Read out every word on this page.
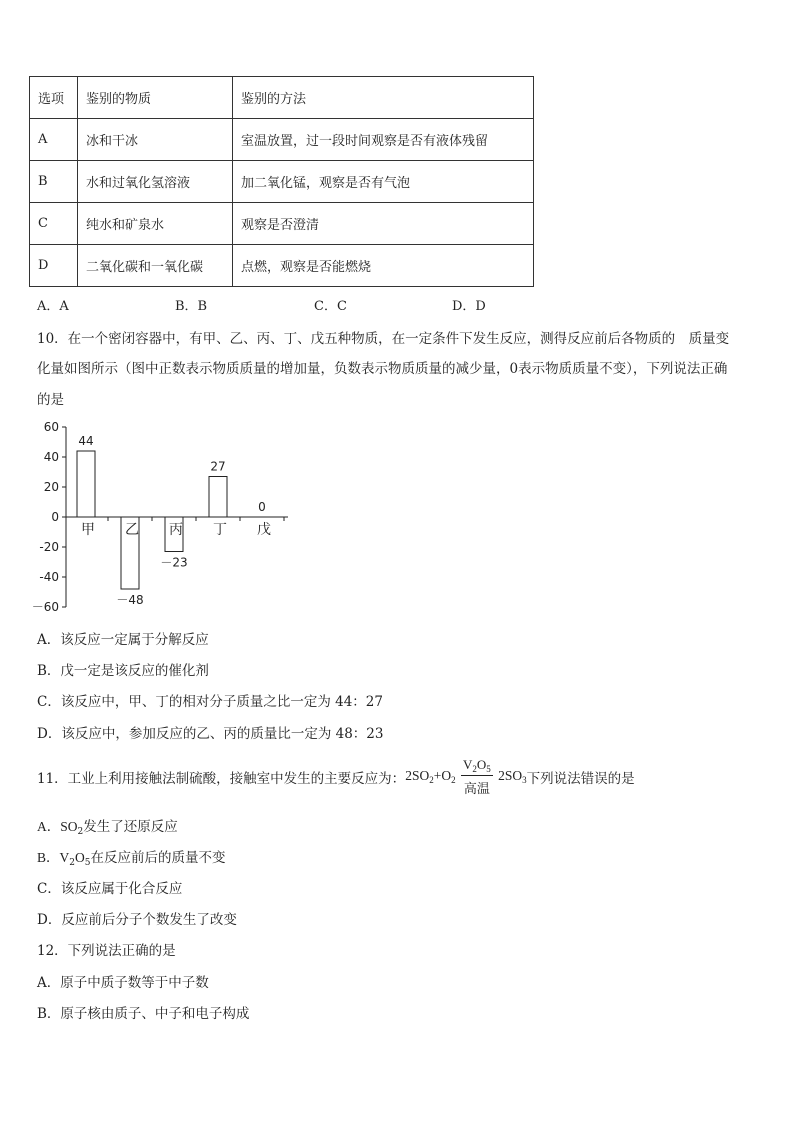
选项	鉴别的物质	鉴别的方法
A	冰和干冰	室温放置，过一段时间观察是否有液体残留
B	水和过氧化氢溶液	加二氧化锰，观察是否有气泡
C	纯水和矿泉水	观察是否澄清
D	二氧化碳和一氧化碳	点燃，观察是否能燃烧
A．A	B．B	C．C	D．D
10．在一个密闭容器中，有甲、乙、丙、丁、戊五种物质，在一定条件下发生反应，测得反应前后各物质的　质量变
化量如图所示（图中正数表示物质质量的增加量，负数表示物质质量的减少量，0表示物质质量不变），下列说法正确
的是
60
40
20
0
-20
-40
－60
44
－48
－23
27
0
甲 乙 丙 丁 戊
A．该反应一定属于分解反应
B．戊一定是该反应的催化剂
C．该反应中，甲、丁的相对分子质量之比一定为 44：27
D．该反应中，参加反应的乙、丙的质量比一定为 48：23
11．工业上利用接触法制硫酸，接触室中发生的主要反应为： $2SO_2+O_2 \frac{V_2O_5}{\text{高温}} 2SO_3$ 下列说法错误的是
A．$SO_2$发生了还原反应
B．$V_2O_5$在反应前后的质量不变
C．该反应属于化合反应
D．反应前后分子个数发生了改变
12．下列说法正确的是
A．原子中质子数等于中子数
B．原子核由质子、中子和电子构成
